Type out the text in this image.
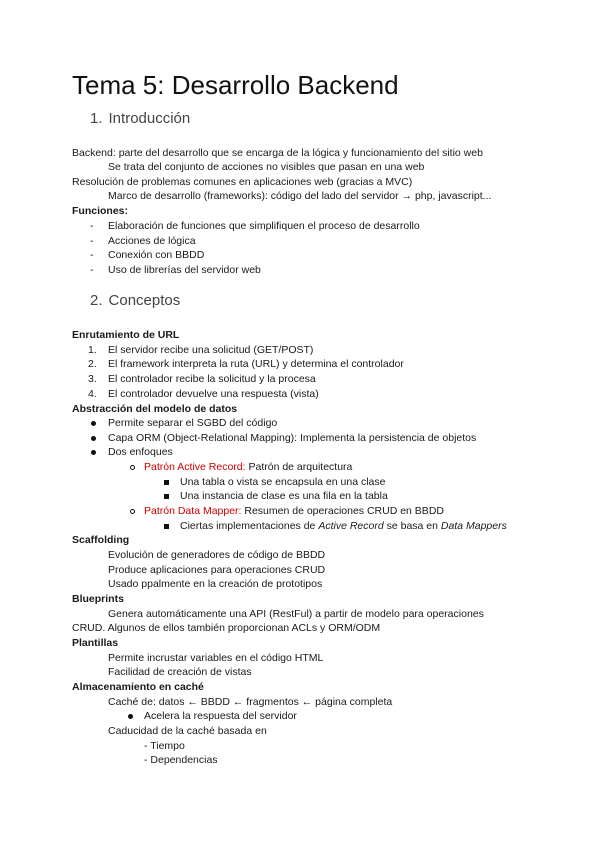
Tema 5: Desarrollo Backend
1. Introducción
Backend: parte del desarrollo que se encarga de la lógica y funcionamiento del sitio web
Se trata del conjunto de acciones no visibles que pasan en una web
Resolución de problemas comunes en aplicaciones web (gracias a MVC)
Marco de desarrollo (frameworks): código del lado del servidor → php, javascript...
Funciones:
- Elaboración de funciones que simplifiquen el proceso de desarrollo
- Acciones de lógica
- Conexión con BBDD
- Uso de librerías del servidor web
2. Conceptos
Enrutamiento de URL
1. El servidor recibe una solicitud (GET/POST)
2. El framework interpreta la ruta (URL) y determina el controlador
3. El controlador recibe la solicitud y la procesa
4. El controlador devuelve una respuesta (vista)
Abstracción del modelo de datos
Permite separar el SGBD del código
Capa ORM (Object-Relational Mapping): Implementa la persistencia de objetos
Dos enfoques
Patrón Active Record: Patrón de arquitectura
Una tabla o vista se encapsula en una clase
Una instancia de clase es una fila en la tabla
Patrón Data Mapper: Resumen de operaciones CRUD en BBDD
Ciertas implementaciones de Active Record se basa en Data Mappers
Scaffolding
Evolución de generadores de código de BBDD
Produce aplicaciones para operaciones CRUD
Usado ppalmente en la creación de prototipos
Blueprints
Genera automáticamente una API (RestFul) a partir de modelo para operaciones
CRUD. Algunos de ellos también proporcionan ACLs y ORM/ODM
Plantillas
Permite incrustar variables en el código HTML
Facilidad de creación de vistas
Almacenamiento en caché
Caché de: datos ← BBDD ← fragmentos ← página completa
Acelera la respuesta del servidor
Caducidad de la caché basada en
- Tiempo
- Dependencias
